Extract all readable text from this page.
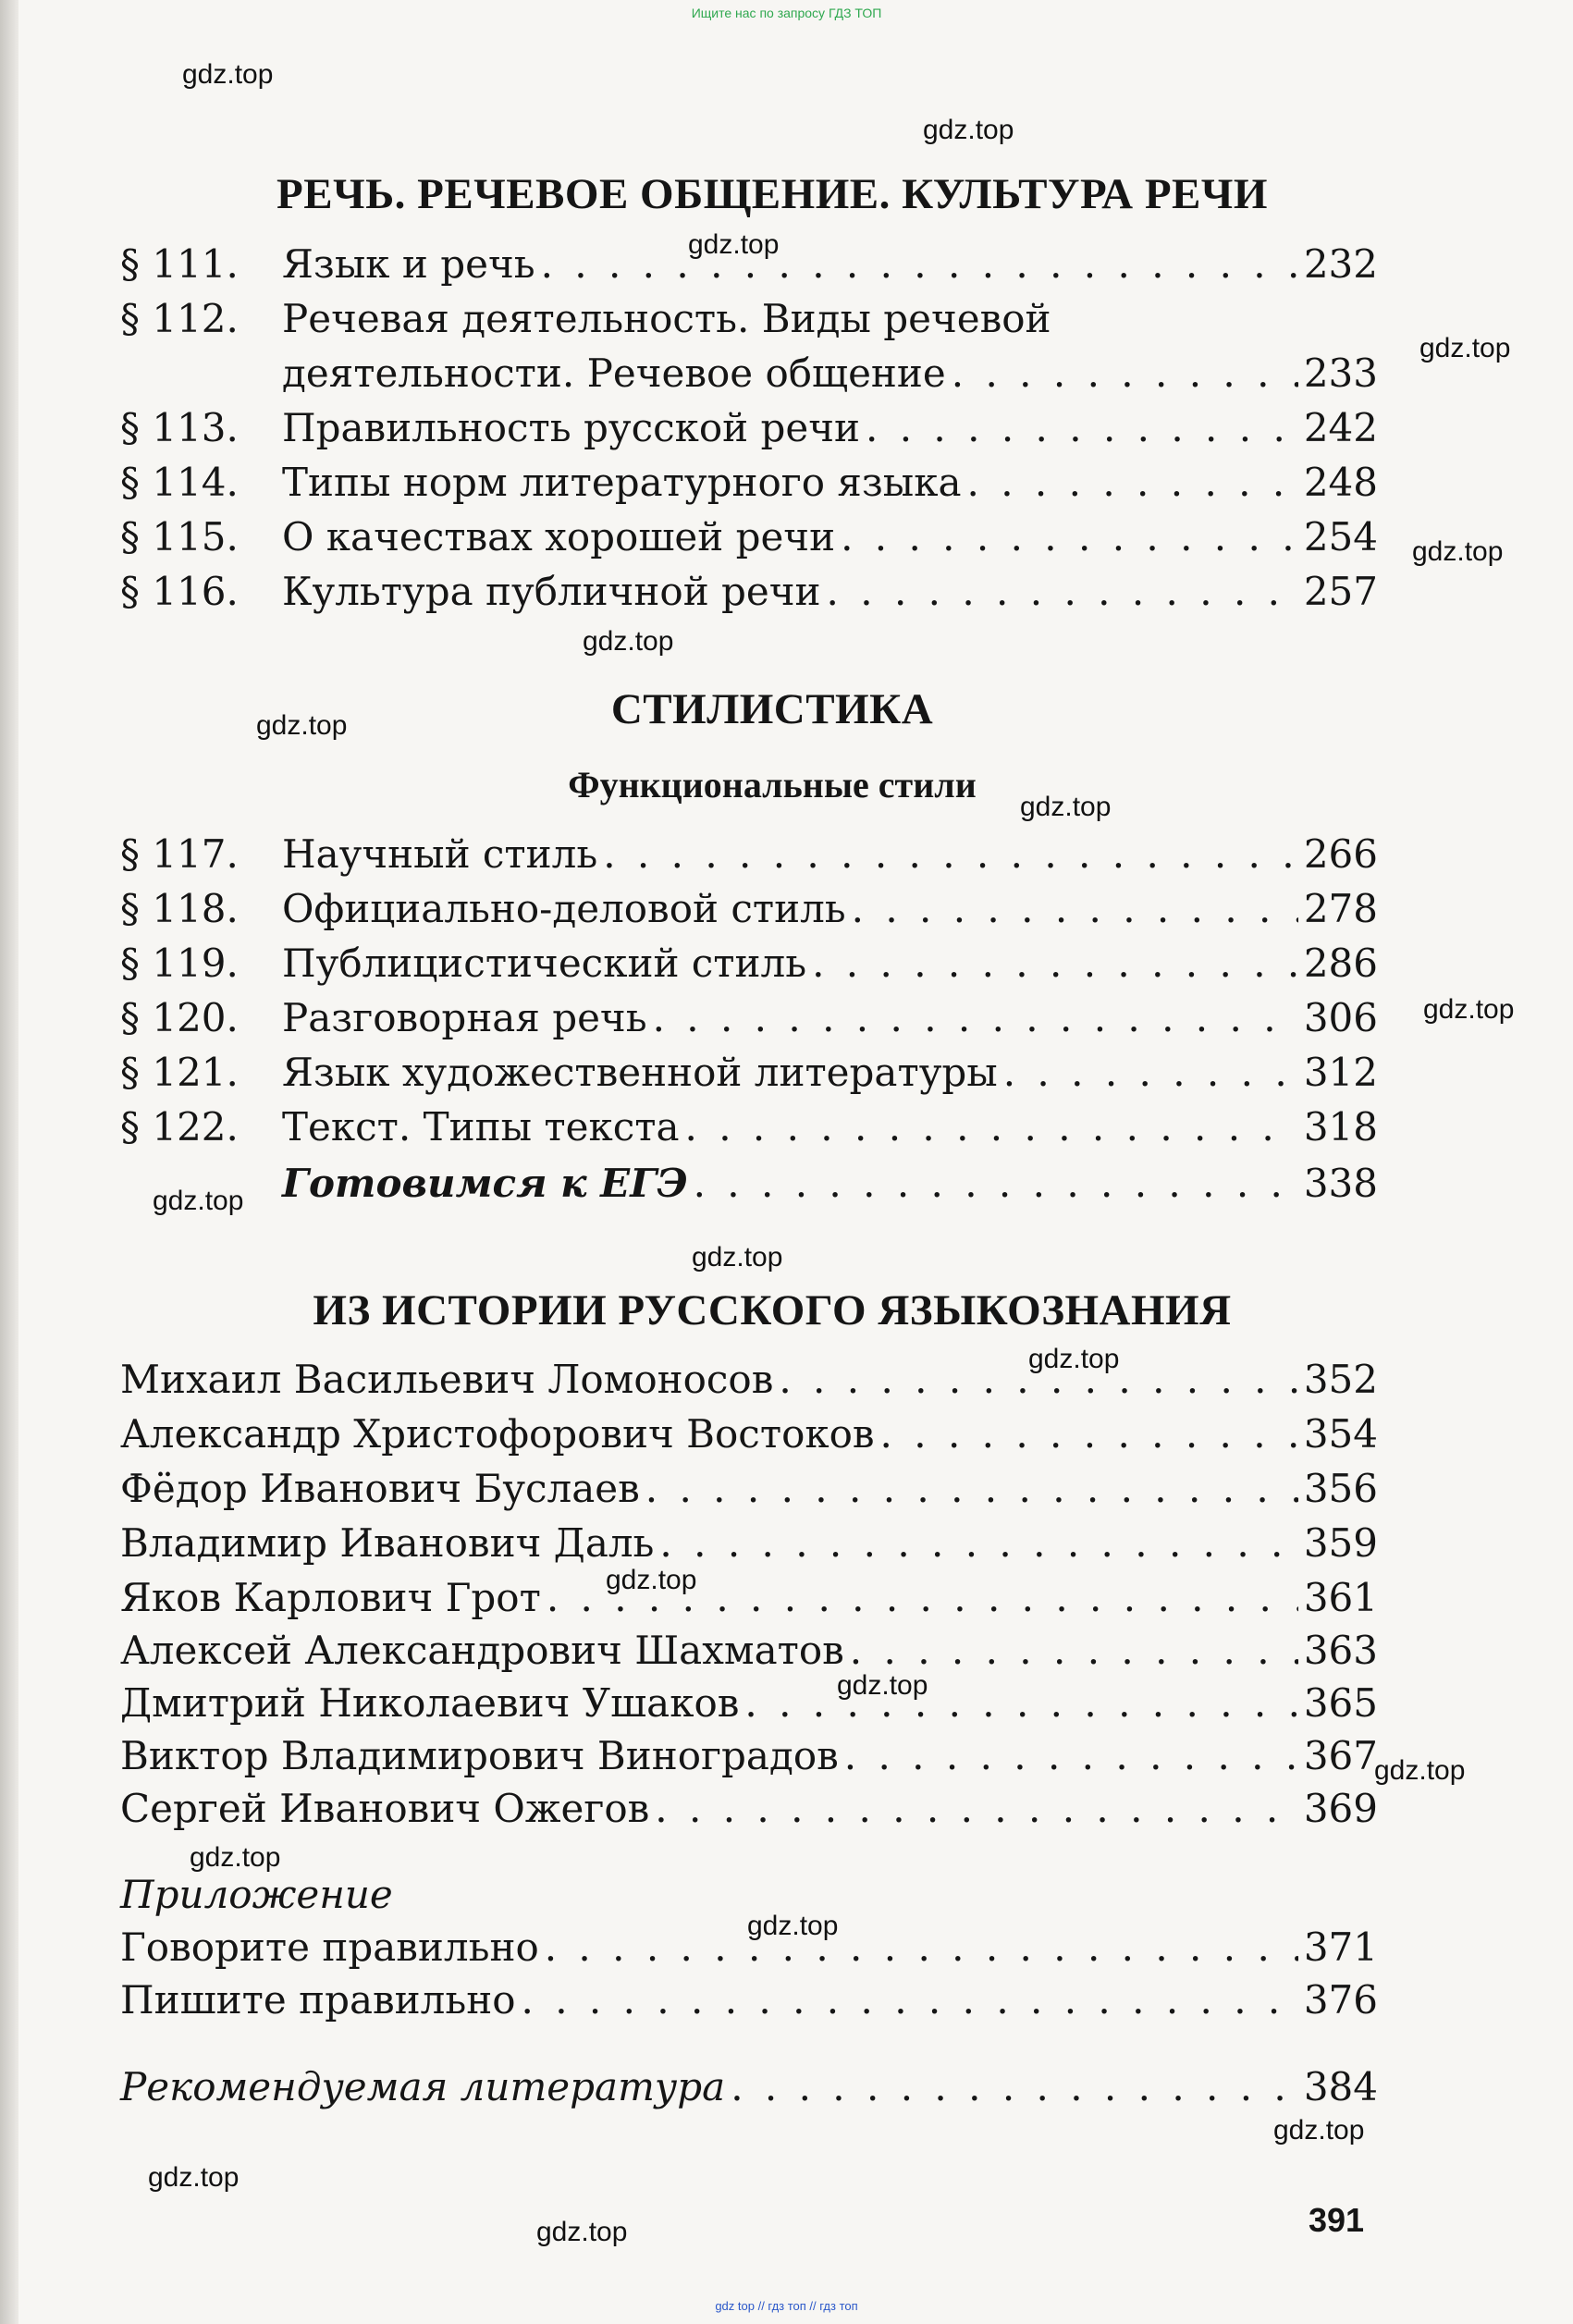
Ищите нас по запросу ГДЗ ТОП
РЕЧЬ. РЕЧЕВОЕ ОБЩЕНИЕ. КУЛЬТУРА РЕЧИ
§ 111.	Язык и речь . . .	232
§ 112.	Речевая деятельность. Виды речевой
деятельности. Речевое общение . . .	233
§ 113.	Правильность русской речи . . .	242
§ 114.	Типы норм литературного языка . . .	248
§ 115.	О качествах хорошей речи . . .	254
§ 116.	Культура публичной речи . . .	257
СТИЛИСТИКА
Функциональные стили
§ 117.	Научный стиль . . .	266
§ 118.	Официально-деловой стиль . . .	278
§ 119.	Публицистический стиль . . .	286
§ 120.	Разговорная речь . . .	306
§ 121.	Язык художественной литературы . . .	312
§ 122.	Текст. Типы текста . . .	318
Готовимся к ЕГЭ . . .	338
ИЗ ИСТОРИИ РУССКОГО ЯЗЫКОЗНАНИЯ
Михаил Васильевич Ломоносов . . .	352
Александр Христофорович Востоков . . .	354
Фёдор Иванович Буслаев . . .	356
Владимир Иванович Даль . . .	359
Яков Карлович Грот . . .	361
Алексей Александрович Шахматов . . .	363
Дмитрий Николаевич Ушаков . . .	365
Виктор Владимирович Виноградов . . .	367
Сергей Иванович Ожегов . . .	369
Приложение
Говорите правильно . . .	371
Пишите правильно . . .	376
Рекомендуемая литература . . .	384
391
gdz.top
gdz.top
gdz.top
gdz.top
gdz.top
gdz.top
gdz.top
gdz.top
gdz.top
gdz.top
gdz.top
gdz.top
gdz.top
gdz.top
gdz.top
gdz.top
gdz.top
gdz.top
gdz.top
gdz.top
gdz top // гдз топ // гдз топ
